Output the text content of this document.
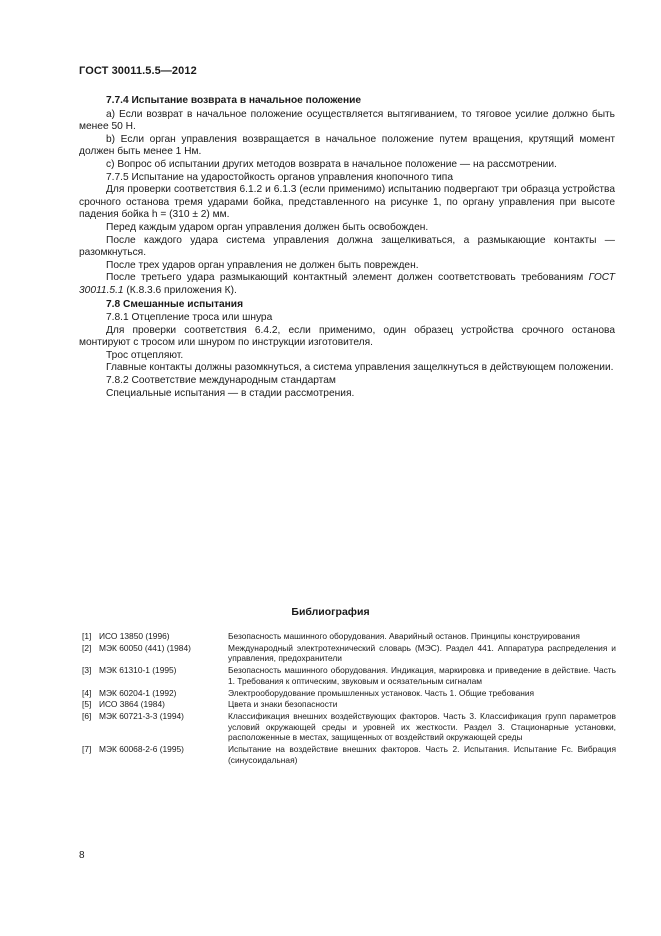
ГОСТ 30011.5.5—2012

7.7.4 Испытание возврата в начальное положение

a) Если возврат в начальное положение осуществляется вытягиванием, то тяговое усилие должно быть менее 50 Н.

b) Если орган управления возвращается в начальное положение путем вращения, крутящий момент должен быть менее 1 Нм.

c) Вопрос об испытании других методов возврата в начальное положение — на рассмотрении.

7.7.5 Испытание на ударостойкость органов управления кнопочного типа

Для проверки соответствия 6.1.2 и 6.1.3 (если применимо) испытанию подвергают три образца устройства срочного останова тремя ударами бойка, представленного на рисунке 1, по органу управления при высоте падения бойка h = (310 ± 2) мм.

Перед каждым ударом орган управления должен быть освобожден.

После каждого удара система управления должна защелкиваться, а размыкающие контакты — разомкнуться.

После трех ударов орган управления не должен быть поврежден.

После третьего удара размыкающий контактный элемент должен соответствовать требованиям ГОСТ 30011.5.1 (К.8.3.6 приложения К).

7.8 Смешанные испытания

7.8.1 Отцепление троса или шнура

Для проверки соответствия 6.4.2, если применимо, один образец устройства срочного останова монтируют с тросом или шнуром по инструкции изготовителя.

Трос отцепляют.

Главные контакты должны разомкнуться, а система управления защелкнуться в действующем положении.

7.8.2 Соответствие международным стандартам

Специальные испытания — в стадии рассмотрения.

Библиография
[1] ИСО 13850 (1996)	Безопасность машинного оборудования. Аварийный останов. Принципы конструирования
[2] МЭК 60050 (441) (1984)	Международный электротехнический словарь (МЭС). Раздел 441. Аппаратура распределения и управления, предохранители
[3] МЭК 61310-1 (1995)	Безопасность машинного оборудования. Индикация, маркировка и приведение в действие. Часть 1. Требования к оптическим, звуковым и осязательным сигналам
[4] МЭК 60204-1 (1992)	Электрооборудование промышленных установок. Часть 1. Общие требования
[5] ИСО 3864 (1984)	Цвета и знаки безопасности
[6] МЭК 60721-3-3 (1994)	Классификация внешних воздействующих факторов. Часть 3. Классификация групп параметров условий окружающей среды и уровней их жесткости. Раздел 3. Стационарные установки, расположенные в местах, защищенных от воздействий окружающей среды
[7] МЭК 60068-2-6 (1995)	Испытание на воздействие внешних факторов. Часть 2. Испытания. Испытание Fc. Вибрация (синусоидальная)
8
